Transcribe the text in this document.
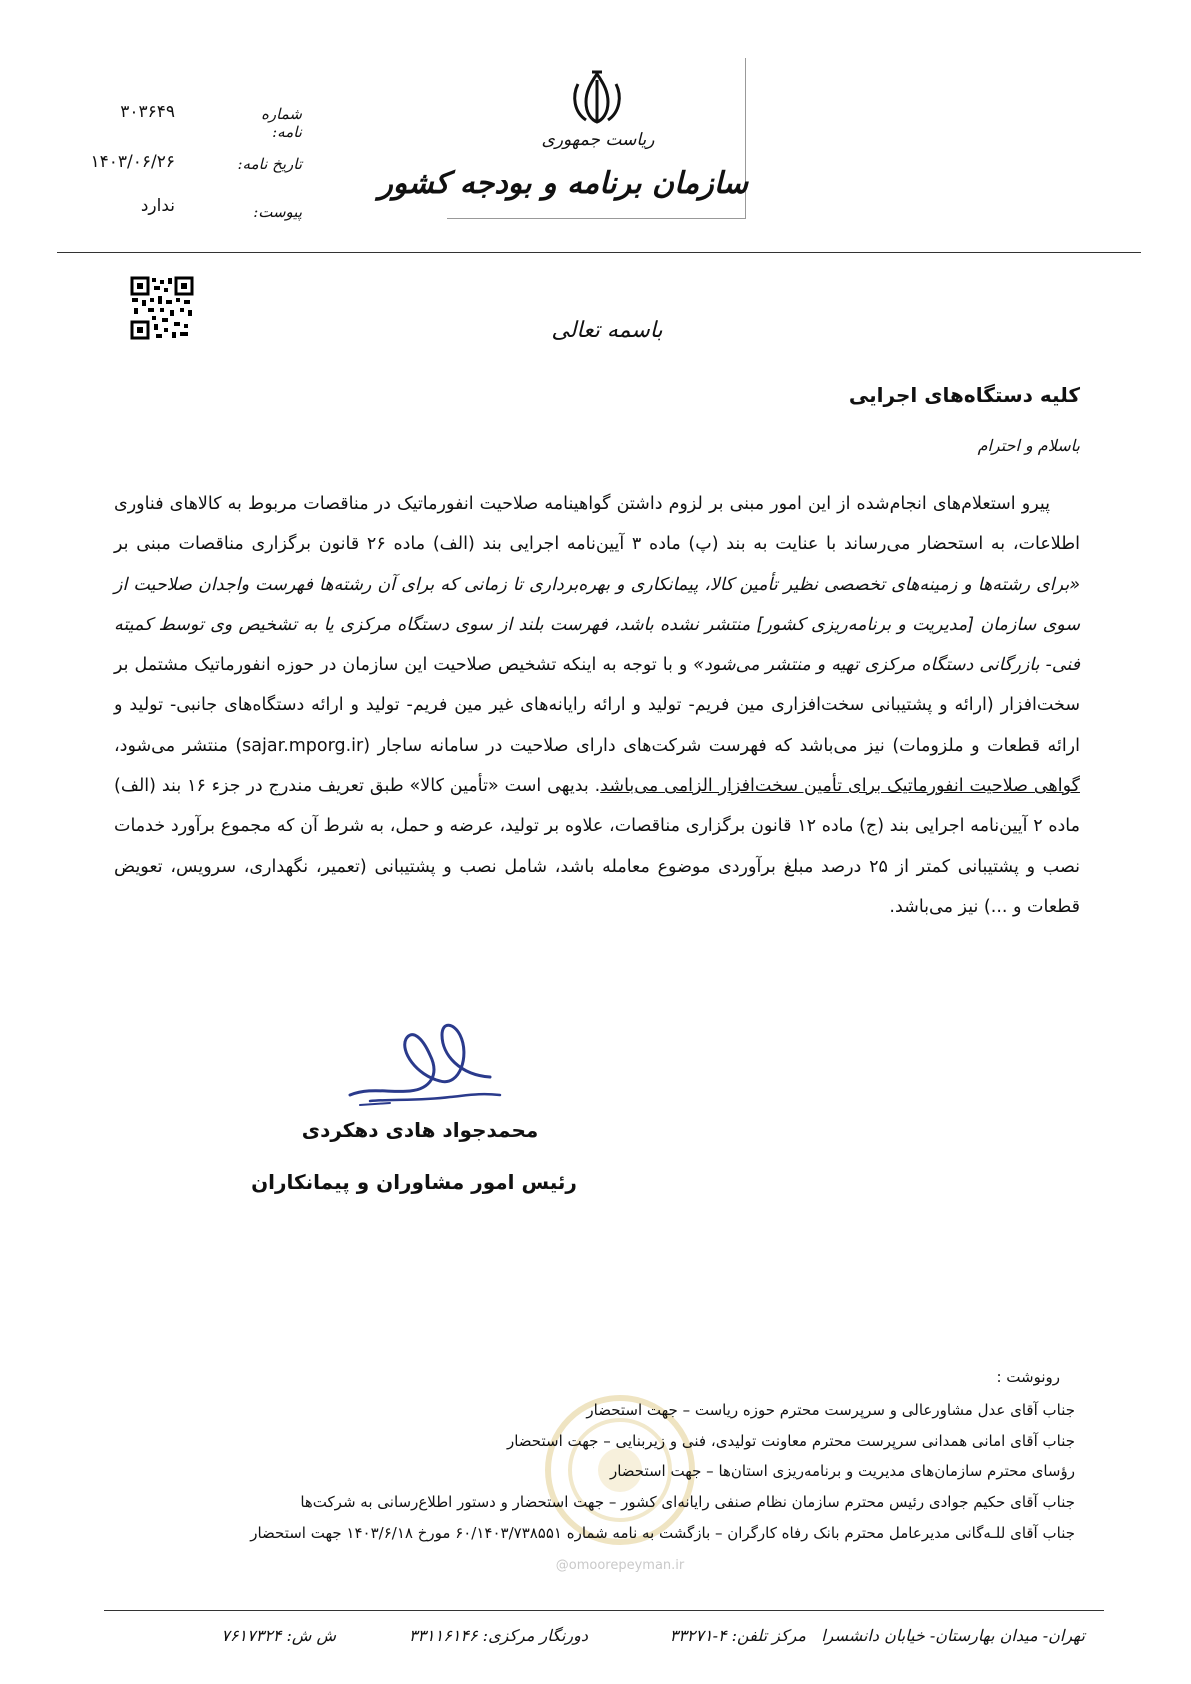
شماره نامه:
۳۰۳۶۴۹
تاریخ نامه:
۱۴۰۳/۰۶/۲۶
پیوست:
ندارد
ریاست جمهوری
سازمان برنامه و بودجه کشور
باسمه تعالی
کلیه دستگاه‌های اجرایی
باسلام و احترام
پیرو استعلام‌های انجام‌شده از این امور مبنی بر لزوم داشتن گواهینامه صلاحیت انفورماتیک در مناقصات مربوط به کالاهای فناوری اطلاعات، به استحضار می‌رساند با عنایت به بند (پ) ماده ۳ آیین‌نامه اجرایی بند (الف) ماده ۲۶ قانون برگزاری مناقصات مبنی بر «برای رشته‌ها و زمینه‌های تخصصی نظیر تأمین کالا، پیمانکاری و بهره‌برداری تا زمانی که برای آن رشته‌ها فهرست واجدان صلاحیت از سوی سازمان [مدیریت و برنامه‌ریزی کشور] منتشر نشده باشد، فهرست بلند از سوی دستگاه مرکزی یا به تشخیص وی توسط کمیته فنی- بازرگانی دستگاه مرکزی تهیه و منتشر می‌شود» و با توجه به اینکه تشخیص صلاحیت این سازمان در حوزه انفورماتیک مشتمل بر سخت‌افزار (ارائه و پشتیبانی سخت‌افزاری مین فریم- تولید و ارائه رایانه‌های غیر مین فریم- تولید و ارائه دستگاه‌های جانبی- تولید و ارائه قطعات و ملزومات) نیز می‌باشد که فهرست شرکت‌های دارای صلاحیت در سامانه ساجار (sajar.mporg.ir) منتشر می‌شود، گواهی صلاحیت انفورماتیک برای تأمین سخت‌افزار الزامی می‌باشد. بدیهی است «تأمین کالا» طبق تعریف مندرج در جزء ۱۶ بند (الف) ماده ۲ آیین‌نامه اجرایی بند (ج) ماده ۱۲ قانون برگزاری مناقصات، علاوه بر تولید، عرضه و حمل، به شرط آن که مجموع برآورد خدمات نصب و پشتیبانی کمتر از ۲۵ درصد مبلغ برآوردی موضوع معامله باشد، شامل نصب و پشتیبانی (تعمیر، نگهداری، سرویس، تعویض قطعات و ...) نیز می‌باشد.
محمدجواد هادی دهکردی
رئیس امور مشاوران و پیمانکاران
@omoorepeyman.ir
رونوشت :
جناب آقای عدل مشاورعالی و سرپرست محترم حوزه ریاست – جهت استحضار
جناب آقای امانی همدانی سرپرست محترم معاونت تولیدی، فنی و زیربنایی – جهت استحضار
رؤسای محترم سازمان‌های مدیریت و برنامه‌ریزی استان‌ها – جهت استحضار
جناب آقای حکیم جوادی رئیس محترم سازمان نظام صنفی رایانه‌ای کشور – جهت استحضار و دستور اطلاع‌رسانی به شرکت‌ها
جناب آقای للـه‌گانی مدیرعامل محترم بانک رفاه کارگران – بازگشت به نامه شماره ۶۰/۱۴۰۳/۷۳۸۵۵۱ مورخ ۱۴۰۳/۶/۱۸ جهت استحضار
تهران- میدان بهارستان- خیابان دانشسرا
مرکز تلفن: ۴-۳۳۲۷۱
دورنگار مرکزی: ۳۳۱۱۶۱۴۶
ش ش: ۷۶۱۷۳۲۴
